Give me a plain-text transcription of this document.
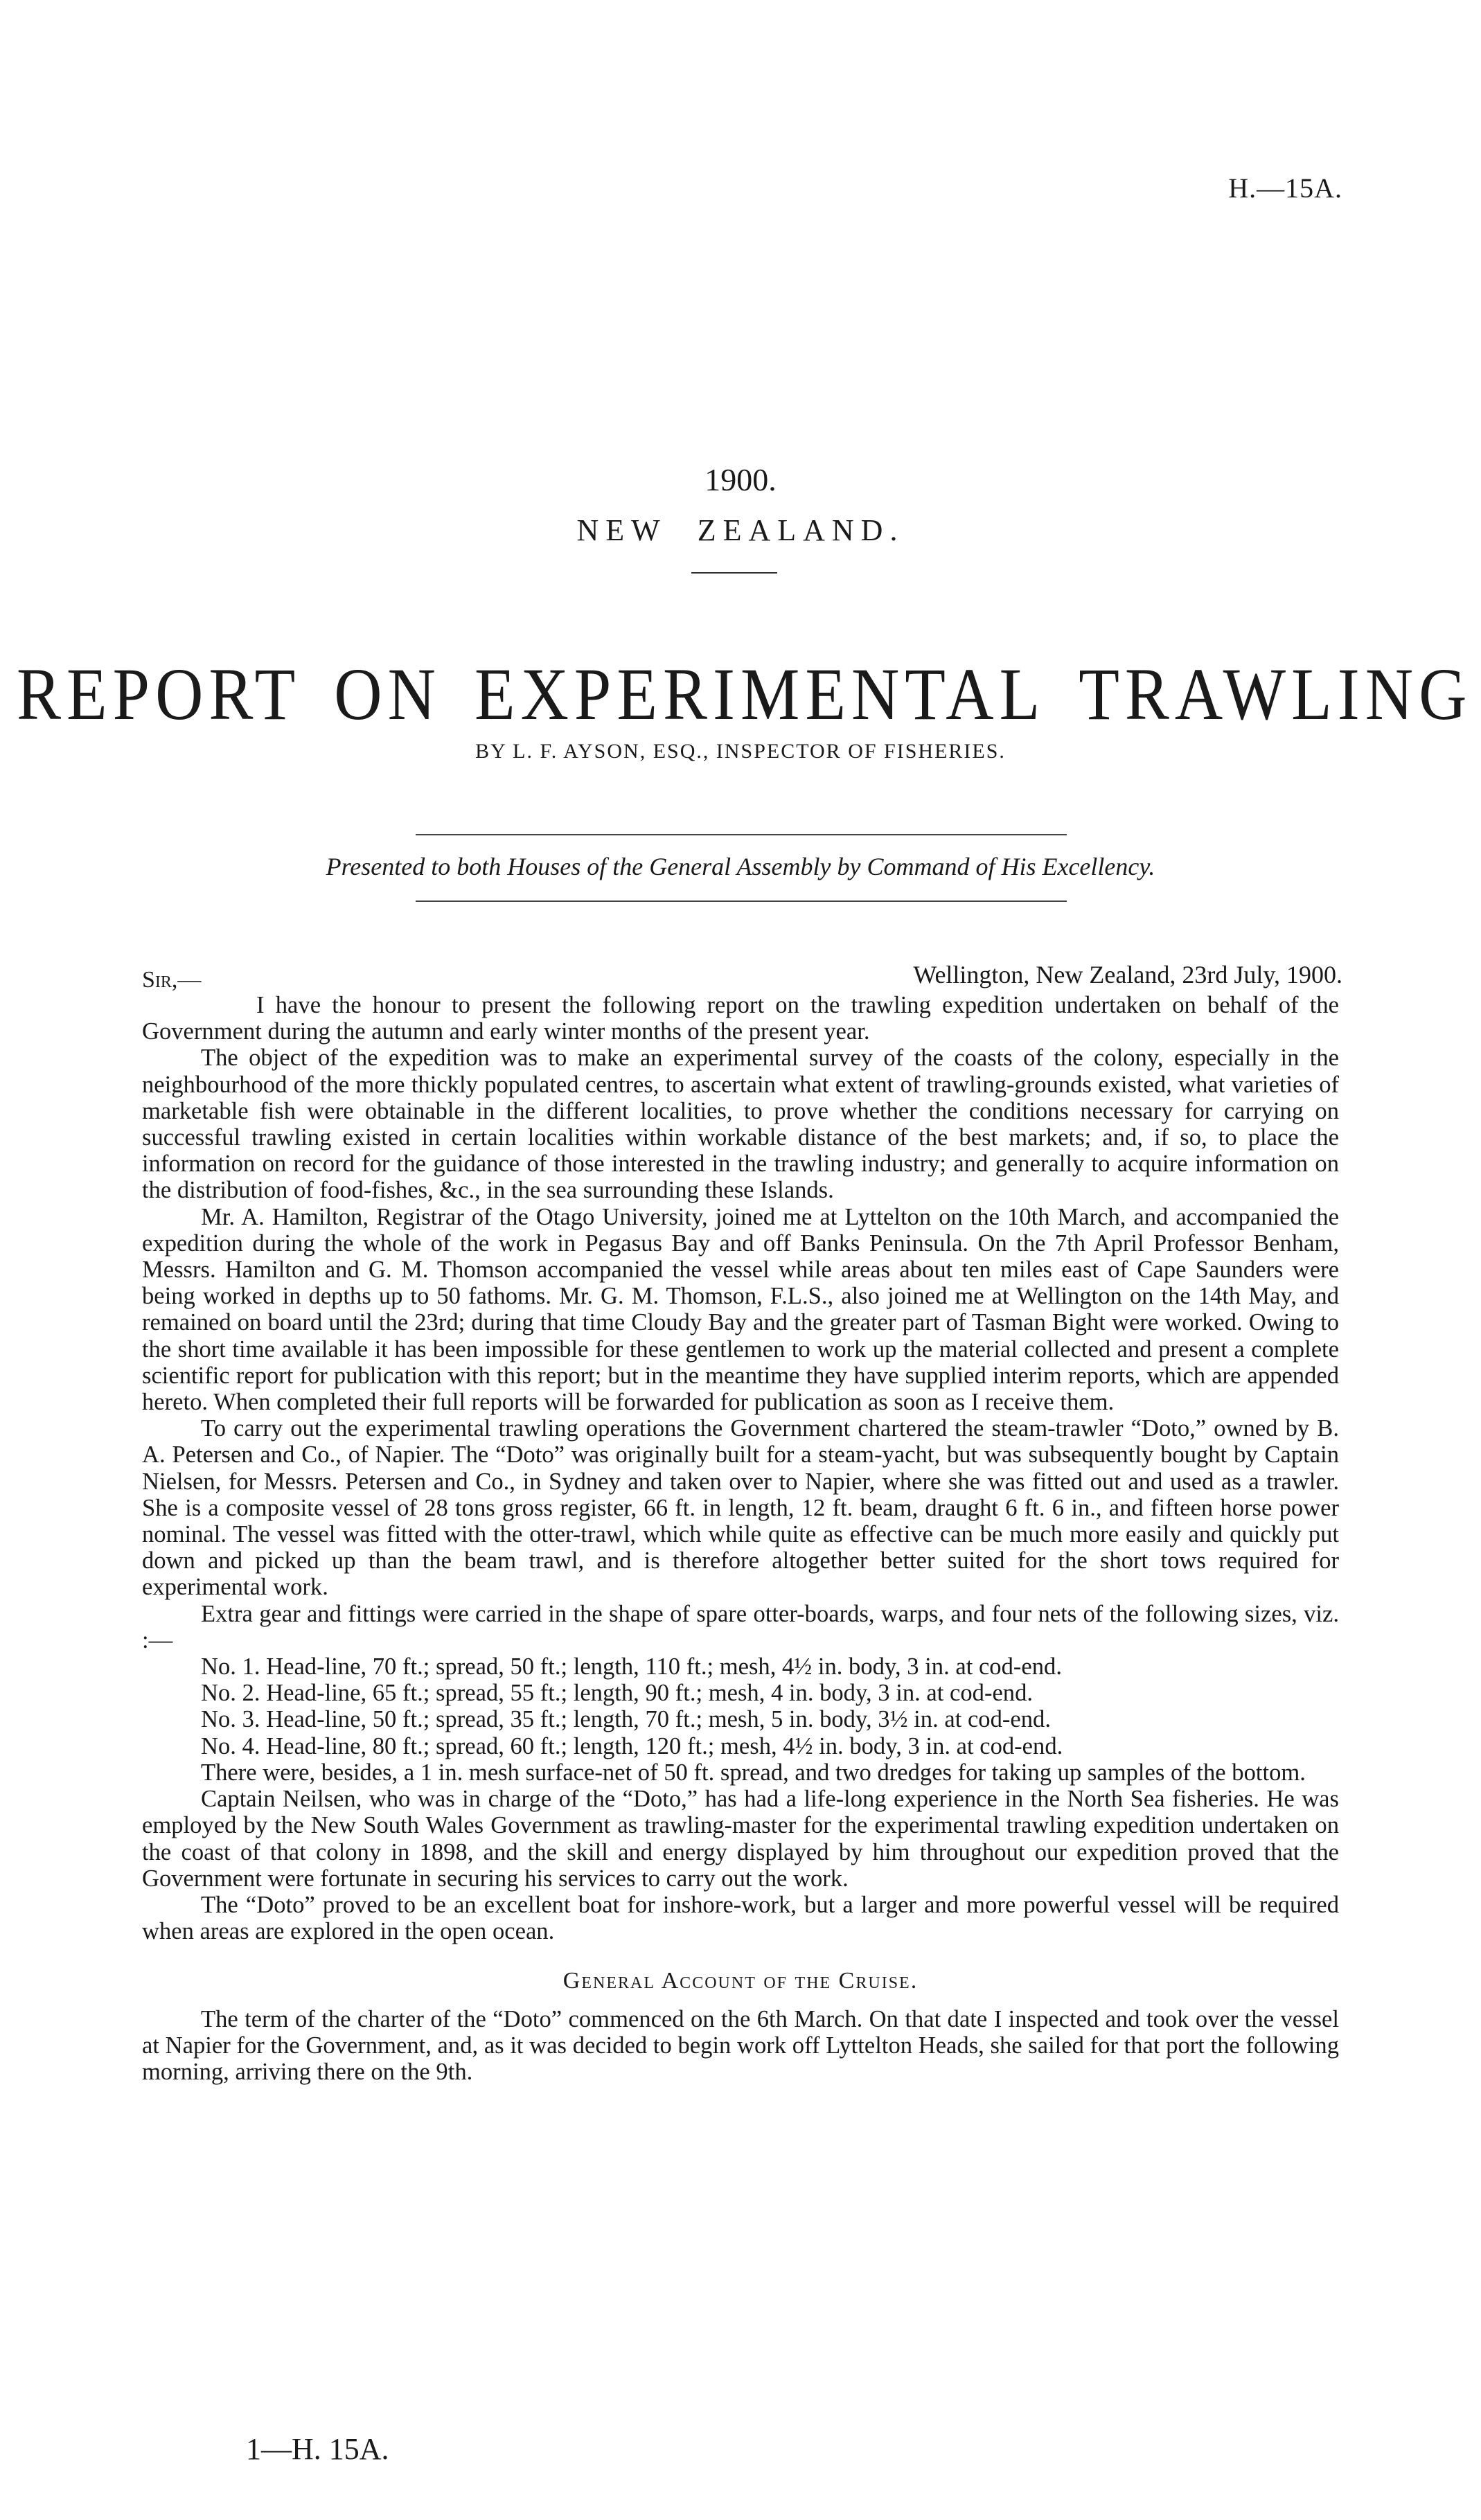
H.—15A.
1900.
NEW ZEALAND.
REPORT ON EXPERIMENTAL TRAWLING
BY L. F. AYSON, ESQ., INSPECTOR OF FISHERIES.
Presented to both Houses of the General Assembly by Command of His Excellency.
Sir,—	Wellington, New Zealand, 23rd July, 1900.

I have the honour to present the following report on the trawling expedition undertaken on behalf of the Government during the autumn and early winter months of the present year.

The object of the expedition was to make an experimental survey of the coasts of the colony, especially in the neighbourhood of the more thickly populated centres, to ascertain what extent of trawling-grounds existed, what varieties of marketable fish were obtainable in the different localities, to prove whether the conditions necessary for carrying on successful trawling existed in certain localities within workable distance of the best markets; and, if so, to place the information on record for the guidance of those interested in the trawling industry; and generally to acquire information on the distribution of food-fishes, &c., in the sea surrounding these Islands.

Mr. A. Hamilton, Registrar of the Otago University, joined me at Lyttelton on the 10th March, and accompanied the expedition during the whole of the work in Pegasus Bay and off Banks Peninsula. On the 7th April Professor Benham, Messrs. Hamilton and G. M. Thomson accompanied the vessel while areas about ten miles east of Cape Saunders were being worked in depths up to 50 fathoms. Mr. G. M. Thomson, F.L.S., also joined me at Wellington on the 14th May, and remained on board until the 23rd; during that time Cloudy Bay and the greater part of Tasman Bight were worked. Owing to the short time available it has been impossible for these gentlemen to work up the material collected and present a complete scientific report for publication with this report; but in the meantime they have supplied interim reports, which are appended hereto. When completed their full reports will be forwarded for publication as soon as I receive them.

To carry out the experimental trawling operations the Government chartered the steam-trawler “Doto,” owned by B. A. Petersen and Co., of Napier. The “Doto” was originally built for a steam-yacht, but was subsequently bought by Captain Nielsen, for Messrs. Petersen and Co., in Sydney and taken over to Napier, where she was fitted out and used as a trawler. She is a composite vessel of 28 tons gross register, 66 ft. in length, 12 ft. beam, draught 6 ft. 6 in., and fifteen horse power nominal. The vessel was fitted with the otter-trawl, which while quite as effective can be much more easily and quickly put down and picked up than the beam trawl, and is therefore altogether better suited for the short tows required for experimental work.

Extra gear and fittings were carried in the shape of spare otter-boards, warps, and four nets of the following sizes, viz. :—

No. 1. Head-line, 70 ft.; spread, 50 ft.; length, 110 ft.; mesh, 4½ in. body, 3 in. at cod-end.

No. 2. Head-line, 65 ft.; spread, 55 ft.; length, 90 ft.; mesh, 4 in. body, 3 in. at cod-end.

No. 3. Head-line, 50 ft.; spread, 35 ft.; length, 70 ft.; mesh, 5 in. body, 3½ in. at cod-end.

No. 4. Head-line, 80 ft.; spread, 60 ft.; length, 120 ft.; mesh, 4½ in. body, 3 in. at cod-end.

There were, besides, a 1 in. mesh surface-net of 50 ft. spread, and two dredges for taking up samples of the bottom.

Captain Neilsen, who was in charge of the “Doto,” has had a life-long experience in the North Sea fisheries. He was employed by the New South Wales Government as trawling-master for the experimental trawling expedition undertaken on the coast of that colony in 1898, and the skill and energy displayed by him throughout our expedition proved that the Government were fortunate in securing his services to carry out the work.

The “Doto” proved to be an excellent boat for inshore-work, but a larger and more powerful vessel will be required when areas are explored in the open ocean.

General Account of the Cruise.

The term of the charter of the “Doto” commenced on the 6th March. On that date I inspected and took over the vessel at Napier for the Government, and, as it was decided to begin work off Lyttelton Heads, she sailed for that port the following morning, arriving there on the 9th.

1—H. 15A.
